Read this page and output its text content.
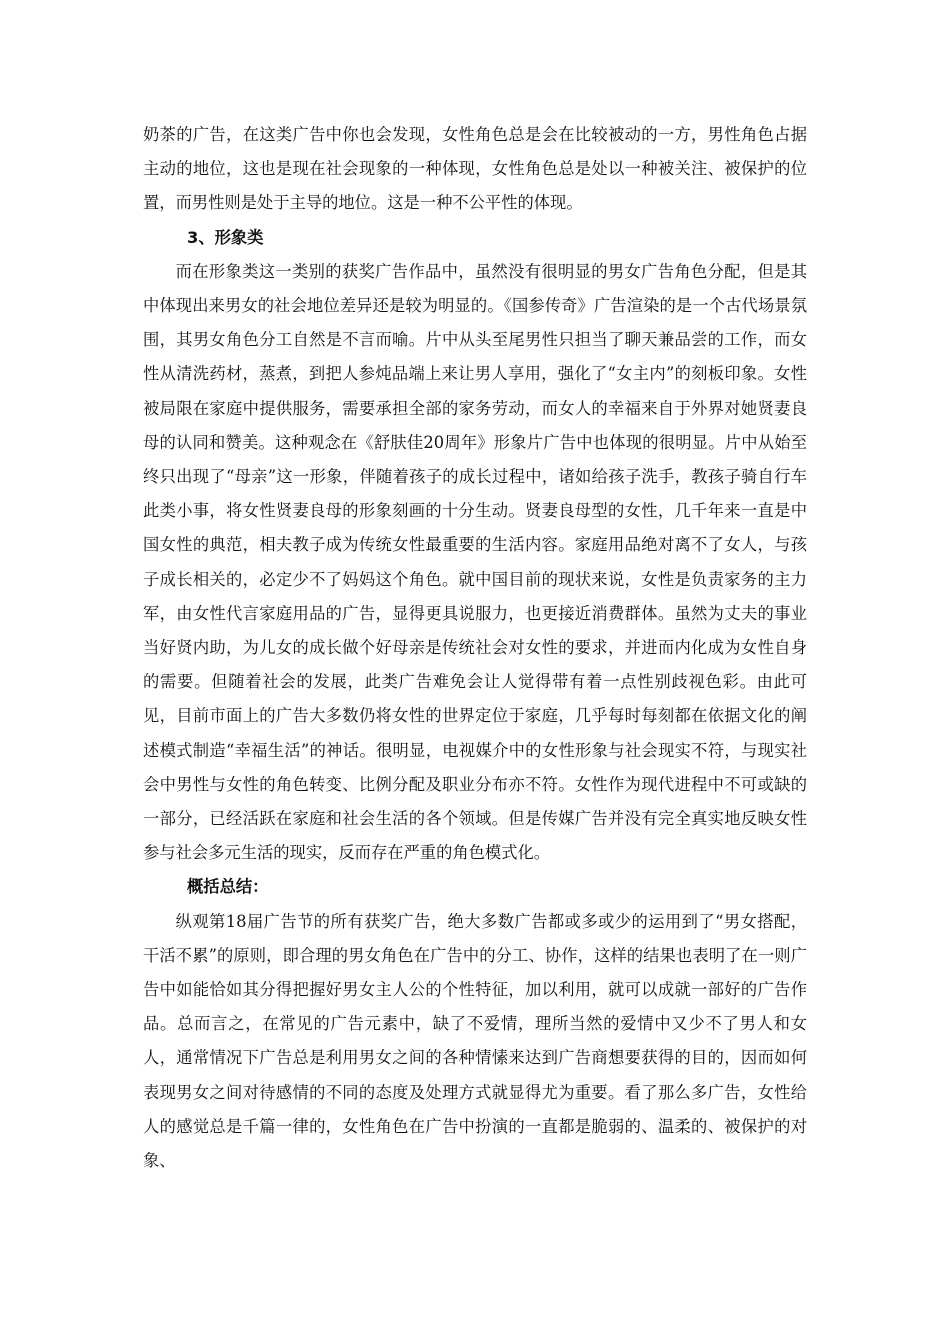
奶茶的广告，在这类广告中你也会发现，女性角色总是会在比较被动的一方，男性角色占据主动的地位，这也是现在社会现象的一种体现，女性角色总是处以一种被关注、被保护的位置，而男性则是处于主导的地位。这是一种不公平性的体现。

3、形象类

而在形象类这一类别的获奖广告作品中，虽然没有很明显的男女广告角色分配，但是其中体现出来男女的社会地位差异还是较为明显的。《国参传奇》广告渲染的是一个古代场景氛围，其男女角色分工自然是不言而喻。片中从头至尾男性只担当了聊天兼品尝的工作，而女性从清洗药材，蒸煮，到把人参炖品端上来让男人享用，强化了“女主内”的刻板印象。女性被局限在家庭中提供服务，需要承担全部的家务劳动，而女人的幸福来自于外界对她贤妻良母的认同和赞美。这种观念在《舒肤佳20周年》形象片广告中也体现的很明显。片中从始至终只出现了“母亲”这一形象，伴随着孩子的成长过程中，诸如给孩子洗手，教孩子骑自行车此类小事，将女性贤妻良母的形象刻画的十分生动。贤妻良母型的女性，几千年来一直是中国女性的典范，相夫教子成为传统女性最重要的生活内容。家庭用品绝对离不了女人，与孩子成长相关的，必定少不了妈妈这个角色。就中国目前的现状来说，女性是负责家务的主力军，由女性代言家庭用品的广告，显得更具说服力，也更接近消费群体。虽然为丈夫的事业当好贤内助，为儿女的成长做个好母亲是传统社会对女性的要求，并进而内化成为女性自身的需要。但随着社会的发展，此类广告难免会让人觉得带有着一点性别歧视色彩。由此可见，目前市面上的广告大多数仍将女性的世界定位于家庭，几乎每时每刻都在依据文化的阐述模式制造“幸福生活”的神话。很明显，电视媒介中的女性形象与社会现实不符，与现实社会中男性与女性的角色转变、比例分配及职业分布亦不符。女性作为现代进程中不可或缺的一部分，已经活跃在家庭和社会生活的各个领域。但是传媒广告并没有完全真实地反映女性参与社会多元生活的现实，反而存在严重的角色模式化。

概括总结：

纵观第18届广告节的所有获奖广告，绝大多数广告都或多或少的运用到了“男女搭配，干活不累”的原则，即合理的男女角色在广告中的分工、协作，这样的结果也表明了在一则广告中如能恰如其分得把握好男女主人公的个性特征，加以利用，就可以成就一部好的广告作品。总而言之，在常见的广告元素中，缺了不爱情，理所当然的爱情中又少不了男人和女人，通常情况下广告总是利用男女之间的各种情愫来达到广告商想要获得的目的，因而如何表现男女之间对待感情的不同的态度及处理方式就显得尤为重要。看了那么多广告，女性给人的感觉总是千篇一律的，女性角色在广告中扮演的一直都是脆弱的、温柔的、被保护的对象、
